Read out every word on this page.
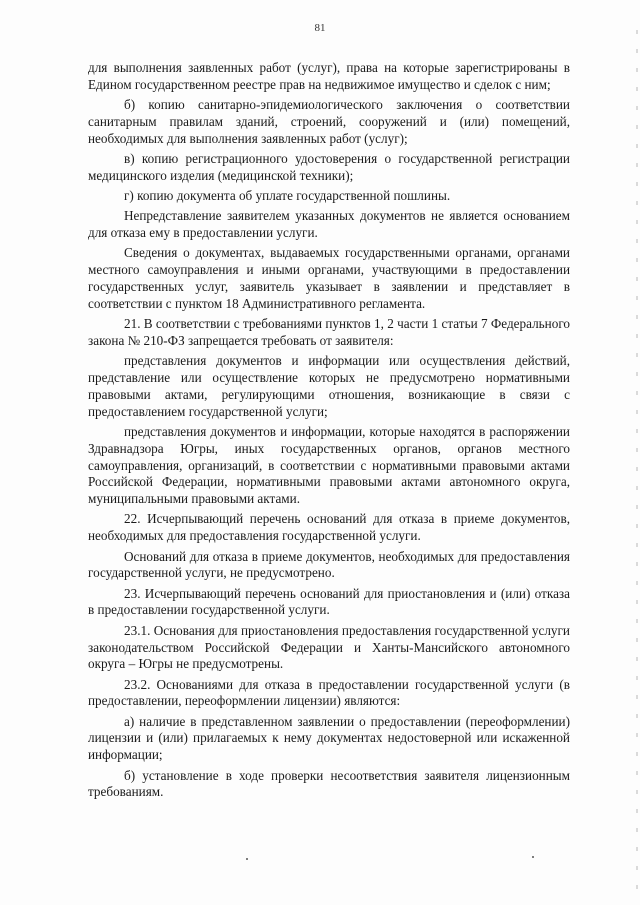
81

для выполнения заявленных работ (услуг), права на которые зарегистрированы в Едином государственном реестре прав на недвижимое имущество и сделок с ним;

б) копию санитарно-эпидемиологического заключения о соответствии санитарным правилам зданий, строений, сооружений и (или) помещений, необходимых для выполнения заявленных работ (услуг);

в) копию регистрационного удостоверения о государственной регистрации медицинского изделия (медицинской техники);

г) копию документа об уплате государственной пошлины.

Непредставление заявителем указанных документов не является основанием для отказа ему в предоставлении услуги.

Сведения о документах, выдаваемых государственными органами, органами местного самоуправления и иными органами, участвующими в предоставлении государственных услуг, заявитель указывает в заявлении и представляет в соответствии с пунктом 18 Административного регламента.

21. В соответствии с требованиями пунктов 1, 2 части 1 статьи 7 Федерального закона № 210-ФЗ запрещается требовать от заявителя:

представления документов и информации или осуществления действий, представление или осуществление которых не предусмотрено нормативными правовыми актами, регулирующими отношения, возникающие в связи с предоставлением государственной услуги;

представления документов и информации, которые находятся в распоряжении Здравнадзора Югры, иных государственных органов, органов местного самоуправления, организаций, в соответствии с нормативными правовыми актами Российской Федерации, нормативными правовыми актами автономного округа, муниципальными правовыми актами.

22. Исчерпывающий перечень оснований для отказа в приеме документов, необходимых для предоставления государственной услуги.

Оснований для отказа в приеме документов, необходимых для предоставления государственной услуги, не предусмотрено.

23. Исчерпывающий перечень оснований для приостановления и (или) отказа в предоставлении государственной услуги.

23.1. Основания для приостановления предоставления государственной услуги законодательством Российской Федерации и Ханты-Мансийского автономного округа – Югры не предусмотрены.

23.2. Основаниями для отказа в предоставлении государственной услуги (в предоставлении, переоформлении лицензии) являются:

а) наличие в представленном заявлении о предоставлении (переоформлении) лицензии и (или) прилагаемых к нему документах недостоверной или искаженной информации;

б) установление в ходе проверки несоответствия заявителя лицензионным требованиям.
